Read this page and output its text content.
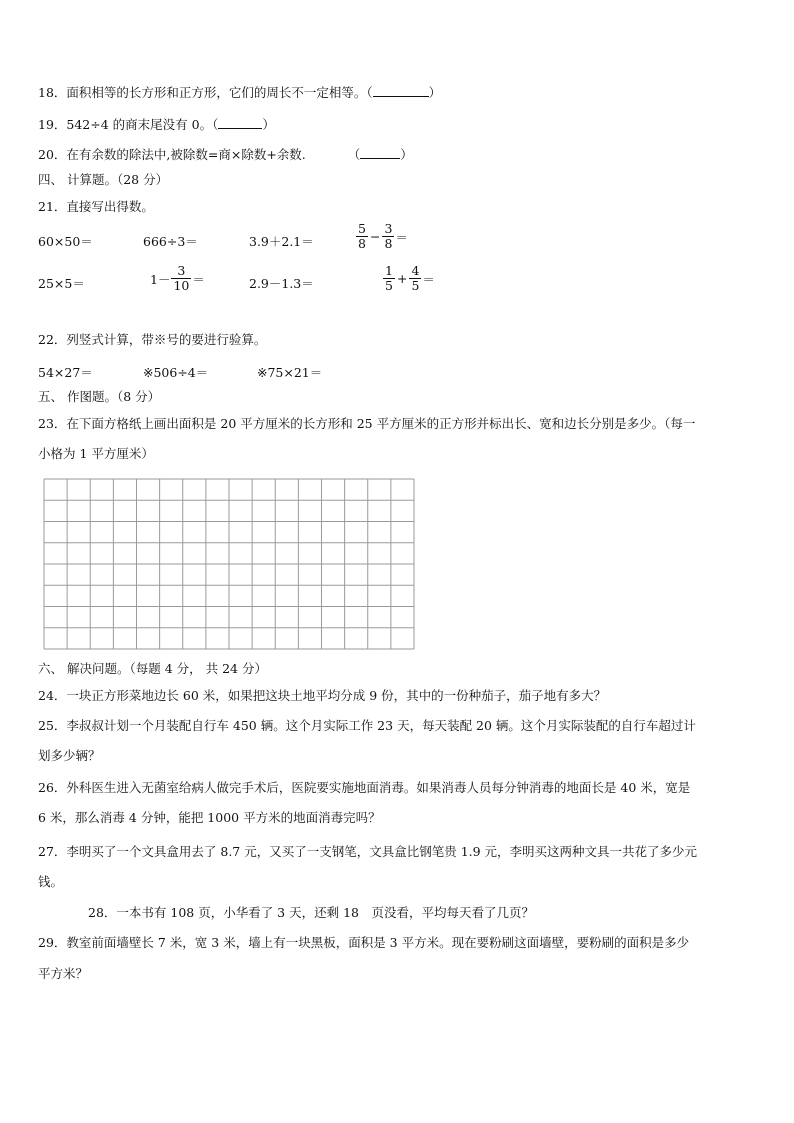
18．面积相等的长方形和正方形，它们的周长不一定相等。（	）
19．542÷4 的商末尾没有 0。（	）
20．在有余数的除法中,被除数=商×除数+余数.	（	）
四、 计算题。（28 分）
21．直接写出得数。
60×50＝	666÷3＝	3.9＋2.1＝	$\frac{5}{8} - \frac{3}{8}$ ＝
25×5＝	$1- \frac{3}{10}$ ＝	2.9－1.3＝	$\frac{1}{5} + \frac{4}{5}$ ＝
22．列竖式计算，带※号的要进行验算。
54×27＝	※506÷4＝	※75×21＝
五、 作图题。（8 分）
23．在下面方格纸上画出面积是 20 平方厘米的长方形和 25 平方厘米的正方形并标出长、宽和边长分别是多少。（每一
小格为 1 平方厘米）
六、 解决问题。（每题 4 分， 共 24 分）
24．一块正方形菜地边长 60 米，如果把这块土地平均分成 9 份，其中的一份种茄子，茄子地有多大？
25．李叔叔计划一个月装配自行车 450 辆。这个月实际工作 23 天，每天装配 20 辆。这个月实际装配的自行车超过计
划多少辆？
26．外科医生进入无菌室给病人做完手术后，医院要实施地面消毒。如果消毒人员每分钟消毒的地面长是 40 米，宽是
6 米，那么消毒 4 分钟，能把 1000 平方米的地面消毒完吗？
27．李明买了一个文具盒用去了 8.7 元，又买了一支钢笔，文具盒比钢笔贵 1.9 元，李明买这两种文具一共花了多少元
钱。
28．一本书有 108 页，小华看了 3 天，还剩 18　页没看，平均每天看了几页？
29．教室前面墙壁长 7 米，宽 3 米，墙上有一块黑板，面积是 3 平方米。现在要粉刷这面墙壁，要粉刷的面积是多少
平方米？
